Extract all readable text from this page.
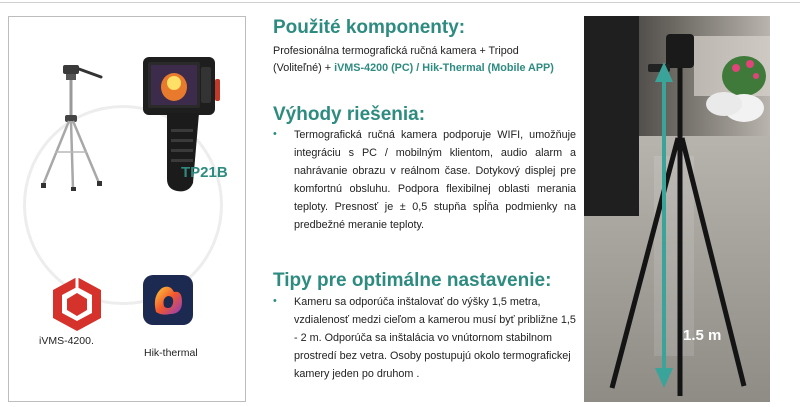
TP21B
iVMS-4200.
Hik-thermal
Použité komponenty:
Profesionálna termografická ručná kamera + Tripod
(Voliteľné) + iVMS-4200 (PC) / Hik-Thermal (Mobile APP)
Výhody riešenia:
• Termografická ručná kamera podporuje WIFI, umožňuje integráciu s PC / mobilným klientom, audio alarm a nahrávanie obrazu v reálnom čase. Dotykový displej pre komfortnú obsluhu. Podpora flexibilnej oblasti merania teploty. Presnosť je ± 0,5 stupňa spĺňa podmienky na predbežné meranie teploty.
Tipy pre optimálne nastavenie:
• Kameru sa odporúča inštalovať do výšky 1,5 metra, vzdialenosť medzi cieľom a kamerou musí byť približne 1,5 - 2 m. Odporúča sa inštalácia vo vnútornom stabilnom prostredí bez vetra. Osoby postupujú okolo termografickej kamery jeden po druhom .
1.5 m
